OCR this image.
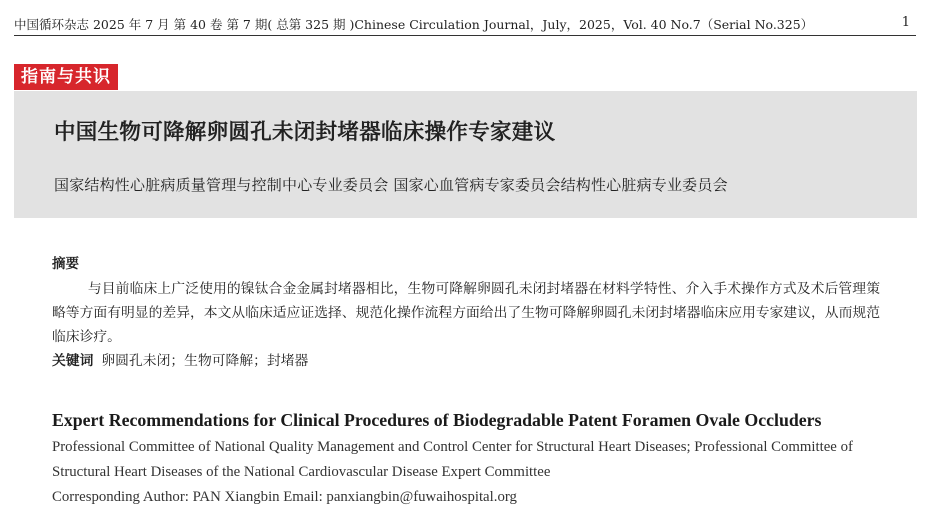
中国循环杂志 2025 年 7 月 第 40 卷 第 7 期( 总第 325 期 )Chinese Circulation Journal，July，2025，Vol. 40 No.7（Serial No.325）	1
指南与共识
中国生物可降解卵圆孔未闭封堵器临床操作专家建议
国家结构性心脏病质量管理与控制中心专业委员会 国家心血管病专家委员会结构性心脏病专业委员会
摘要
与目前临床上广泛使用的镍钛合金金属封堵器相比，生物可降解卵圆孔未闭封堵器在材料学特性、介入手术操作方式及术后管理策略等方面有明显的差异，本文从临床适应证选择、规范化操作流程方面给出了生物可降解卵圆孔未闭封堵器临床应用专家建议，从而规范临床诊疗。
关键词 卵圆孔未闭；生物可降解；封堵器
Expert Recommendations for Clinical Procedures of Biodegradable Patent Foramen Ovale Occluders
Professional Committee of National Quality Management and Control Center for Structural Heart Diseases; Professional Committee of Structural Heart Diseases of the National Cardiovascular Disease Expert Committee
Corresponding Author: PAN Xiangbin Email: panxiangbin@fuwaihospital.org
